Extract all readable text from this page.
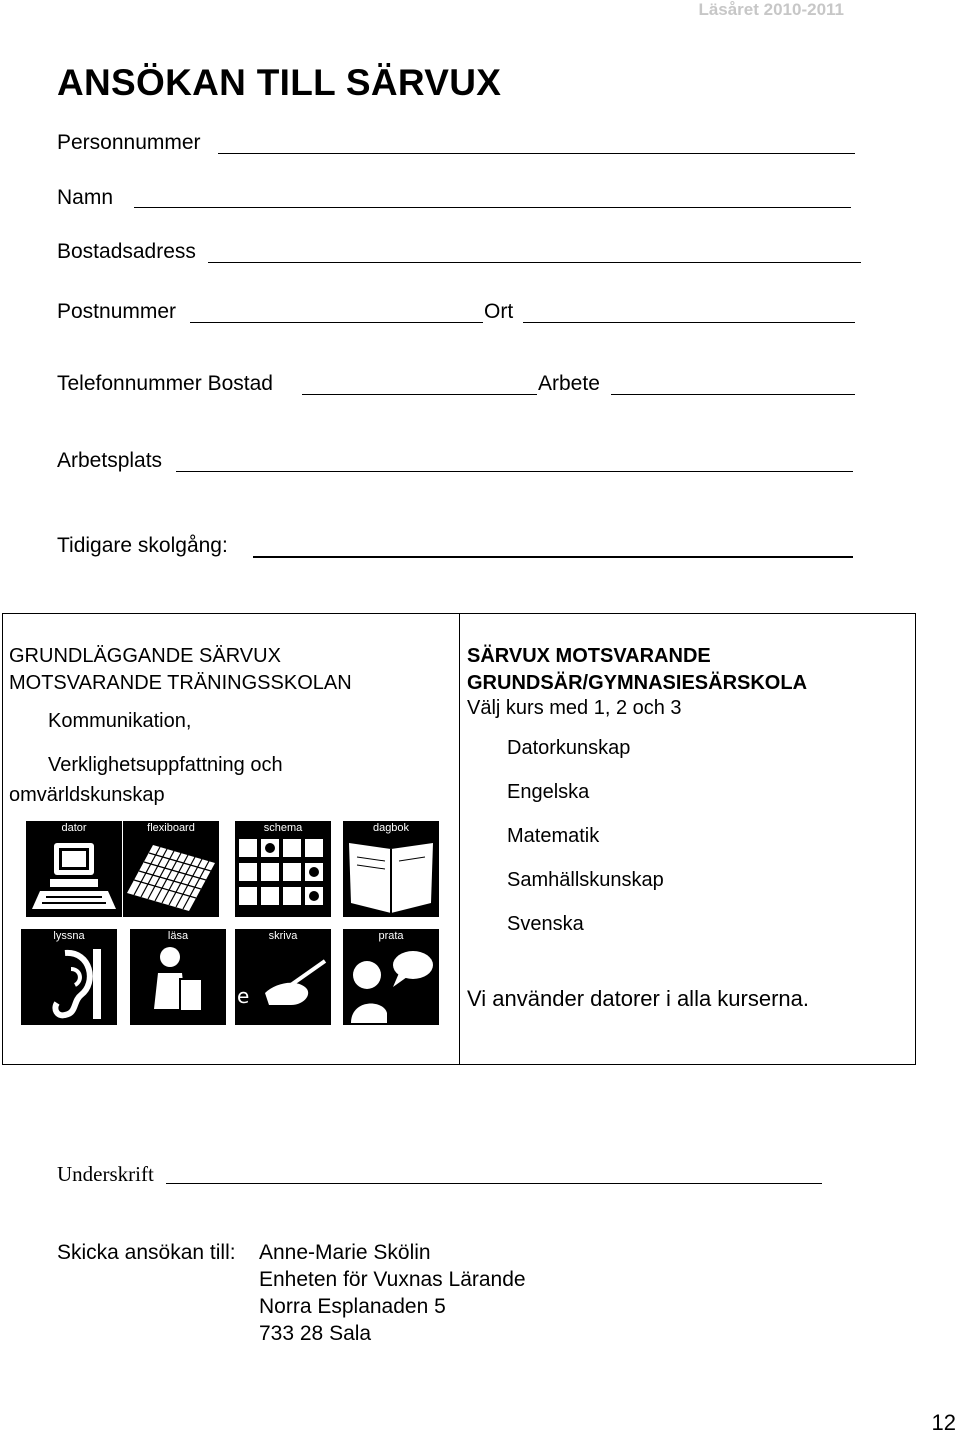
Läsåret 2010-2011
ANSÖKAN TILL SÄRVUX
Personnummer
Namn
Bostadsadress
Postnummer	Ort
Telefonnummer Bostad	Arbete
Arbetsplats
Tidigare skolgång:
GRUNDLÄGGANDE SÄRVUX
MOTSVARANDE TRÄNINGSSKOLAN
Kommunikation,
Verklighetsuppfattning och
omvärldskunskap
dator	flexiboard	schema	dagbok
lyssna	läsa	skriva
e
prata
SÄRVUX MOTSVARANDE
GRUNDSÄR/GYMNASIESÄRSKOLA
Välj kurs med 1, 2 och 3
Datorkunskap
Engelska
Matematik
Samhällskunskap
Svenska
Vi använder datorer i alla kurserna.
Underskrift
Skicka ansökan till: Anne-Marie Skölin
Enheten för Vuxnas Lärande
Norra Esplanaden 5
733 28 Sala
12
